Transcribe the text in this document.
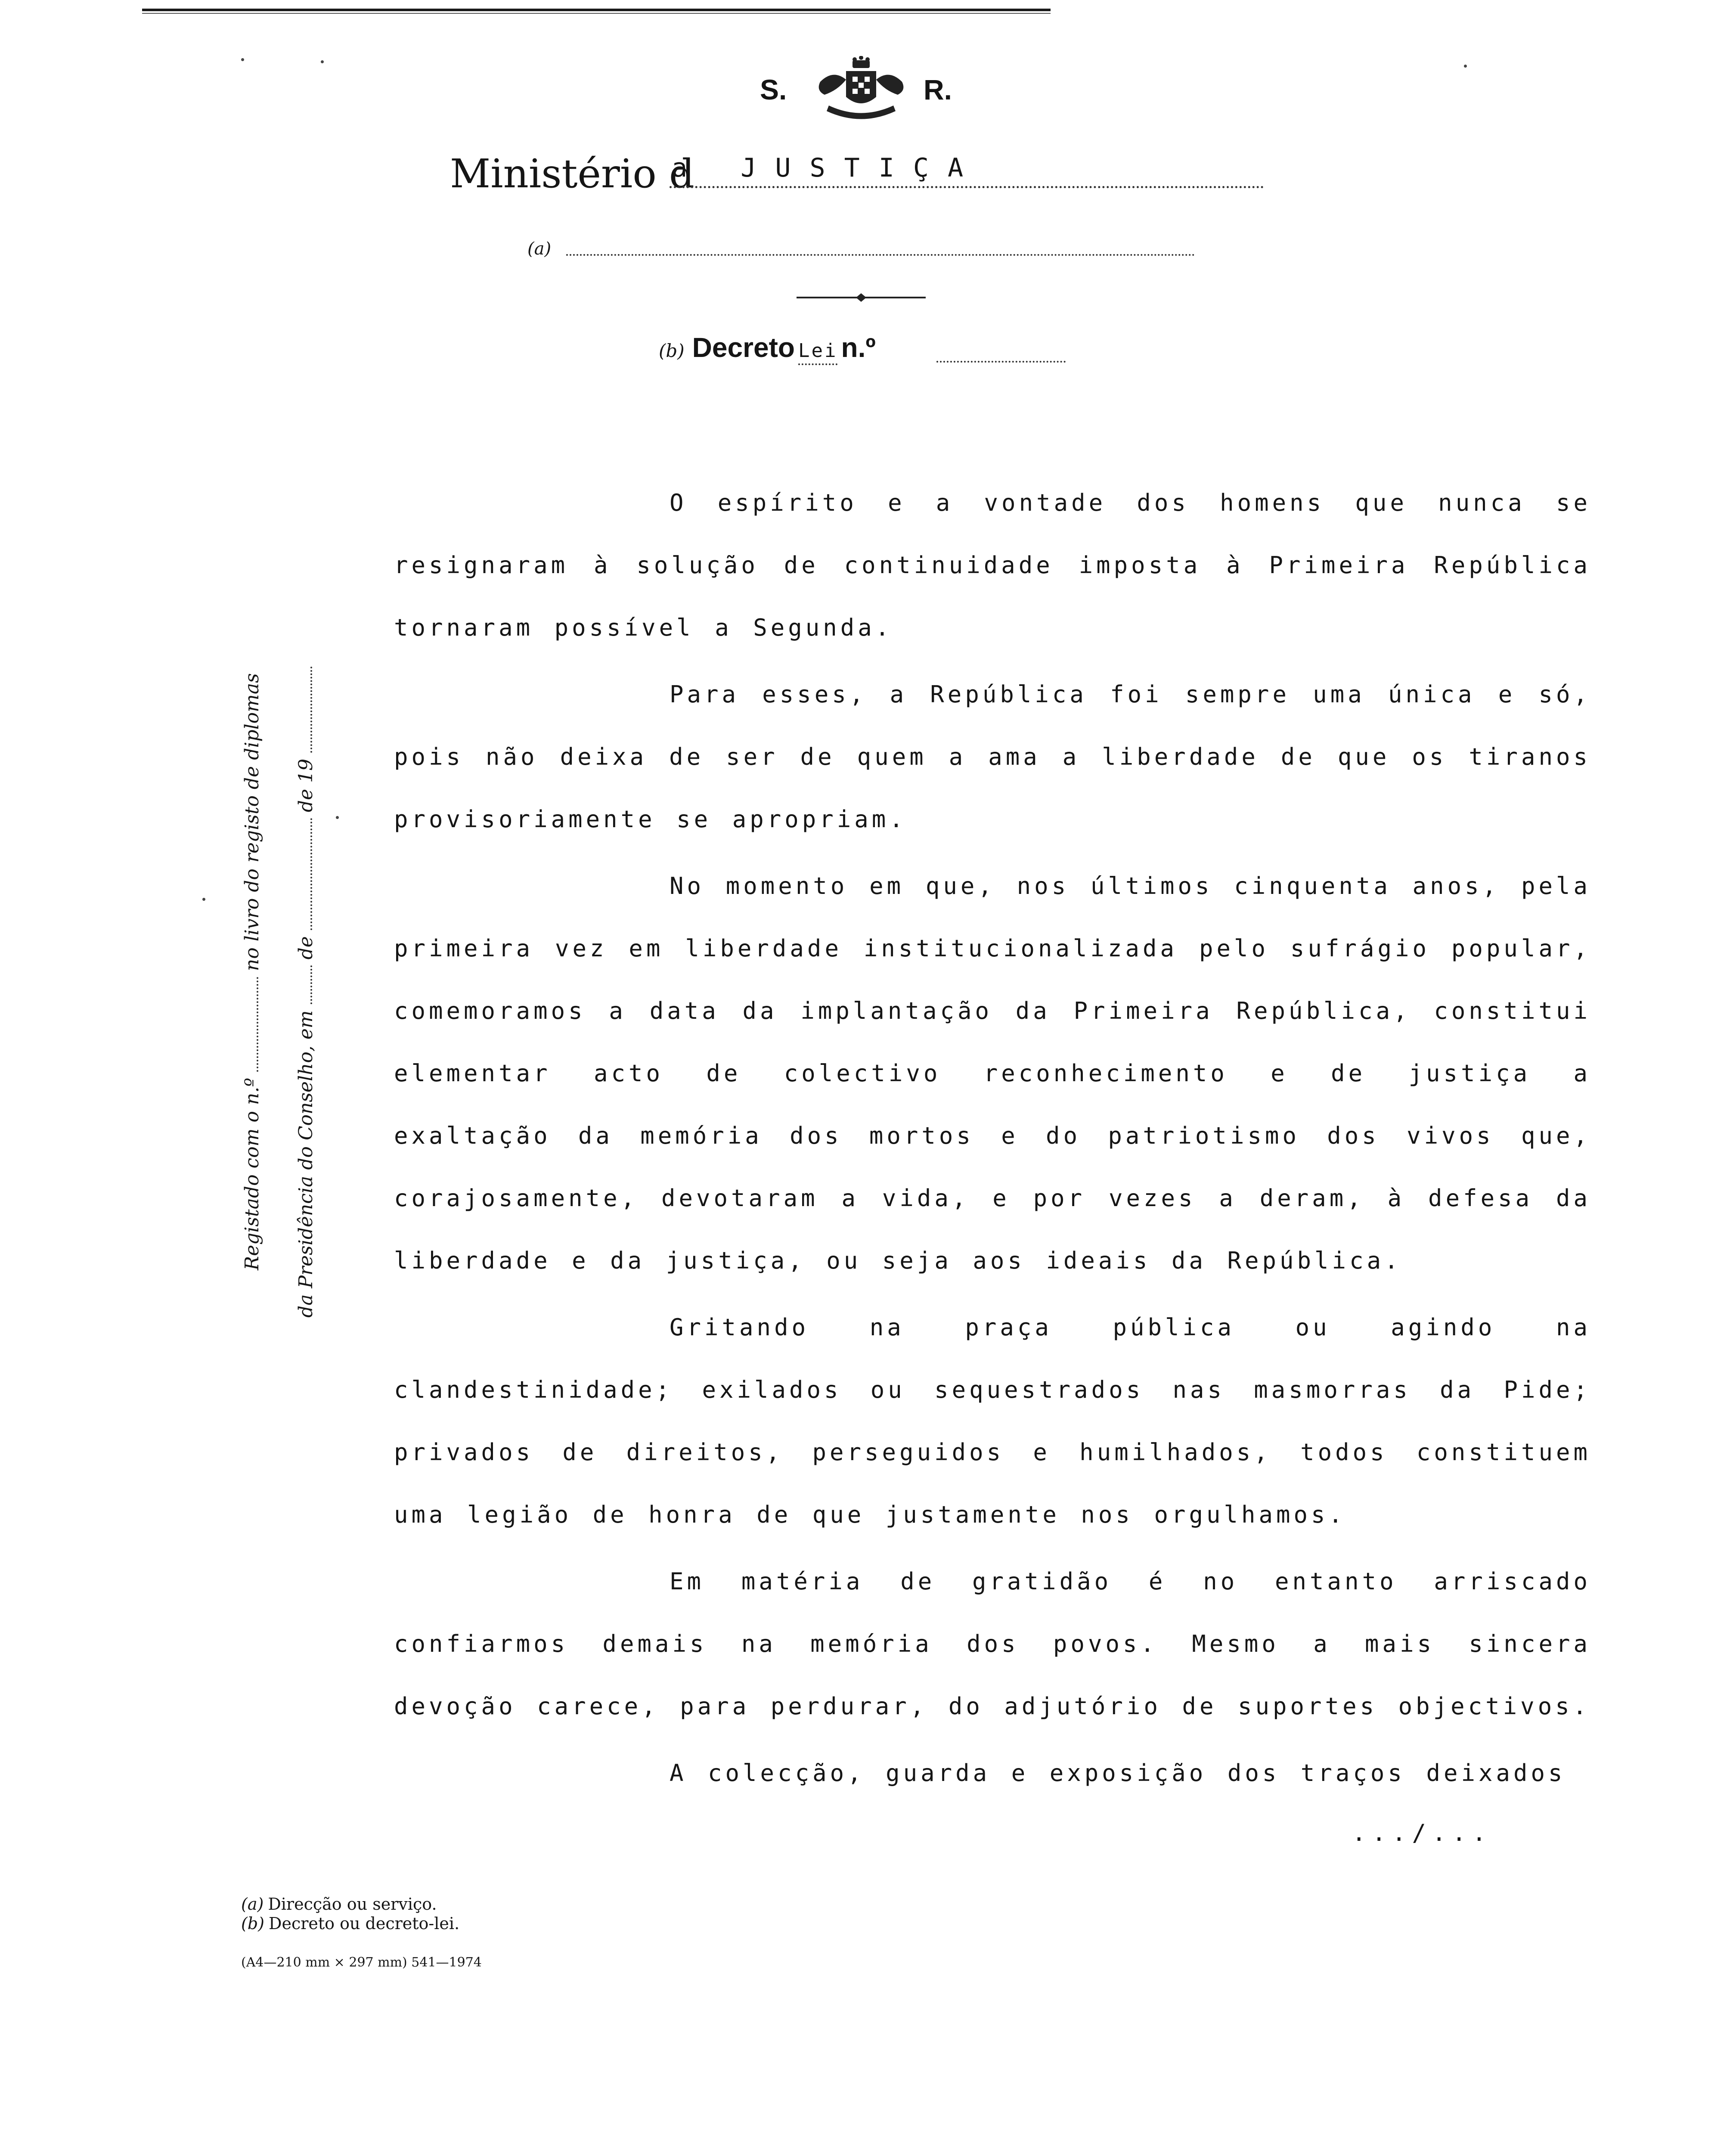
S.	R.
Ministério d
a JUSTIÇA
(a)
(b) Decreto Lei n.º
Registado com o n.º  no livro do registo de diplomas
da Presidência do Conselho, em  de  de 19

O espírito e a vontade dos homens que nunca se resignaram à solução de continuidade imposta à Primeira República tornaram possível a Segunda.

Para esses, a República foi sempre uma única e só, pois não deixa de ser de quem a ama a liberdade de que os tiranos provisoriamente se apropriam.

No momento em que, nos últimos cinquenta anos, pela primeira vez em liberdade institucionalizada pelo sufrágio popular, comemoramos a data da implantação da Primeira República, constitui elementar acto de colectivo reconhecimento e de justiça a exaltação da memória dos mortos e do patriotismo dos vivos que, corajosamente, devotaram a vida, e por vezes a deram, à defesa da liberdade e da justiça, ou seja aos ideais da República.

Gritando na praça pública ou agindo na clandestinidade; exilados ou sequestrados nas masmorras da Pide; privados de direitos, perseguidos e humilhados, todos constituem uma legião de honra de que justamente nos orgulhamos.

Em matéria de gratidão é no entanto arriscado confiarmos demais na memória dos povos. Mesmo a mais sincera devoção carece, para perdurar, do adjutório de suportes objectivos.

A colecção, guarda e exposição dos traços deixados

...∕...
(a) Direcção ou serviço.
(b) Decreto ou decreto-lei.
(A4—210 mm × 297 mm) 541—1974
